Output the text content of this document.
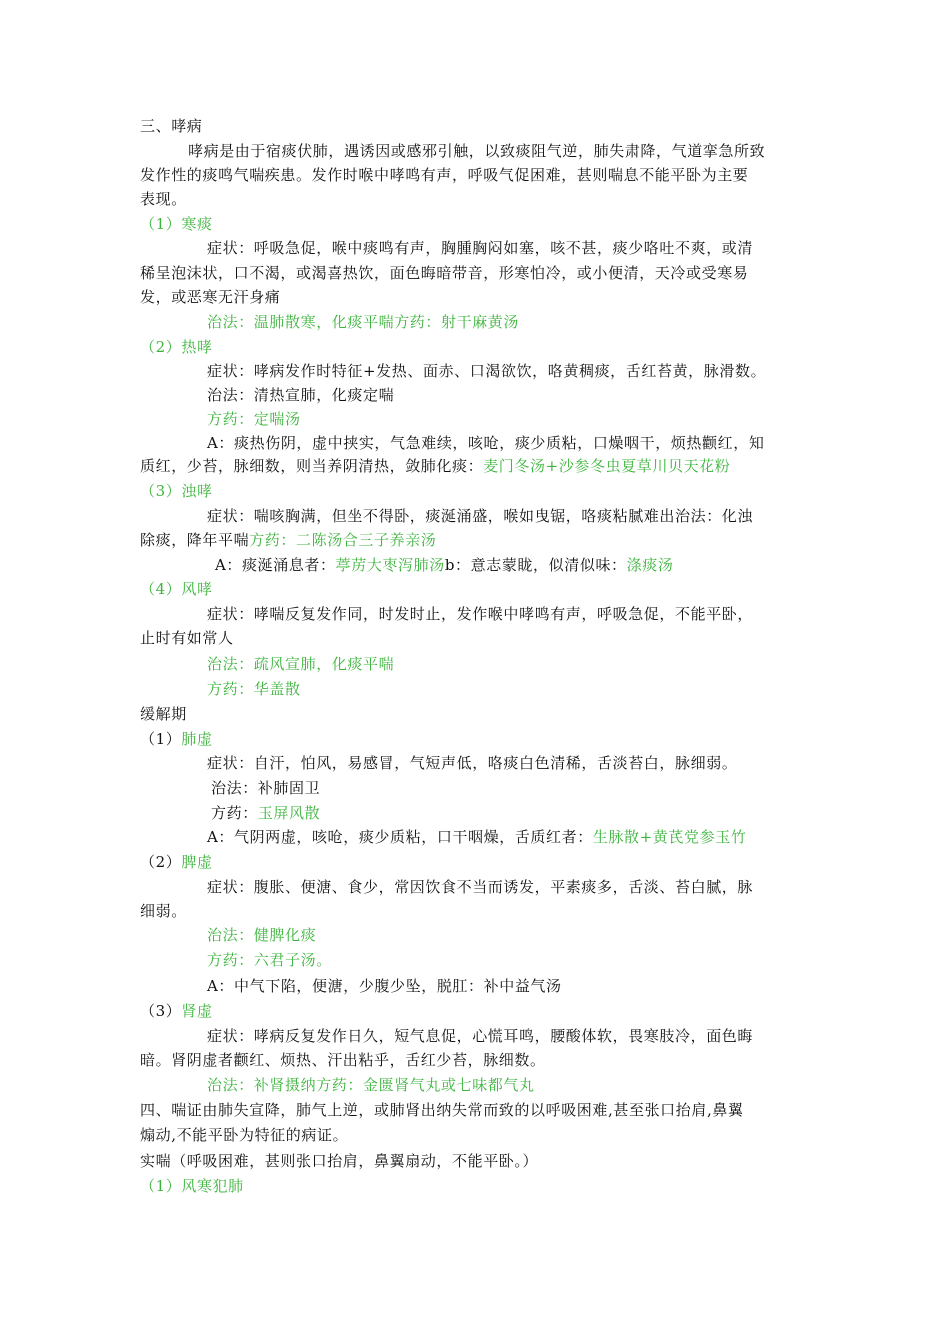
三、哮病
哮病是由于宿痰伏肺，遇诱因或感邪引触，以致痰阻气逆，肺失肃降，气道挛急所致
发作性的痰鸣气喘疾患。发作时喉中哮鸣有声，呼吸气促困难，甚则喘息不能平卧为主要
表现。
（1）寒痰
症状：呼吸急促，喉中痰鸣有声，胸腫胸闷如塞，咳不甚，痰少咯吐不爽，或清
稀呈泡沫状，口不渴，或渴喜热饮，面色晦暗带音，形寒怕冷，或小便清，天冷或受寒易
发，或恶寒无汗身痛
治法：温肺散寒，化痰平喘方药：射干麻黄汤
（2）热哮
症状：哮病发作时特征+发热、面赤、口渴欲饮，咯黄稠痰，舌红苔黄，脉滑数。
治法：清热宣肺，化痰定喘
方药：定喘汤
A：痰热伤阴，虚中挟实，气急难续，咳呛，痰少质粘，口燥咽干，烦热颧红，知
质红，少苔，脉细数，则当养阴清热，敛肺化痰：麦门冬汤+沙参冬虫夏草川贝天花粉
（3）浊哮
症状：喘咳胸满，但坐不得卧，痰涎涌盛，喉如曳锯，咯痰粘腻难出治法：化浊
除痰，降年平喘方药：二陈汤合三子养亲汤
A：痰涎涌息者：葶苈大枣泻肺汤b：意志蒙眬，似清似味：涤痰汤
（4）风哮
症状：哮喘反复发作同，时发时止，发作喉中哮鸣有声，呼吸急促，不能平卧，
止时有如常人
治法：疏风宣肺，化痰平喘
方药：华盖散
缓解期
（1）肺虚
症状：自汗，怕风，易感冒，气短声低，咯痰白色清稀，舌淡苔白，脉细弱。
治法：补肺固卫
方药：玉屏风散
A：气阴两虚，咳呛，痰少质粘，口干咽燥，舌质红者：生脉散+黄芪党参玉竹
（2）脾虚
症状：腹胀、便溏、食少，常因饮食不当而诱发，平素痰多，舌淡、苔白腻，脉
细弱。
治法：健脾化痰
方药：六君子汤。
A：中气下陷，便溏，少腹少坠，脱肛：补中益气汤
（3）肾虚
症状：哮病反复发作日久，短气息促，心慌耳鸣，腰酸体软，畏寒肢冷，面色晦
暗。肾阴虚者颧红、烦热、汗出粘乎，舌红少苔，脉细数。
治法：补肾摄纳方药：金匮肾气丸或七味都气丸
四、喘证由肺失宣降，肺气上逆，或肺肾出纳失常而致的以呼吸困难,甚至张口抬肩,鼻翼
煽动,不能平卧为特征的病证。
实喘（呼吸困难，甚则张口抬肩，鼻翼扇动，不能平卧。）
（1）风寒犯肺
